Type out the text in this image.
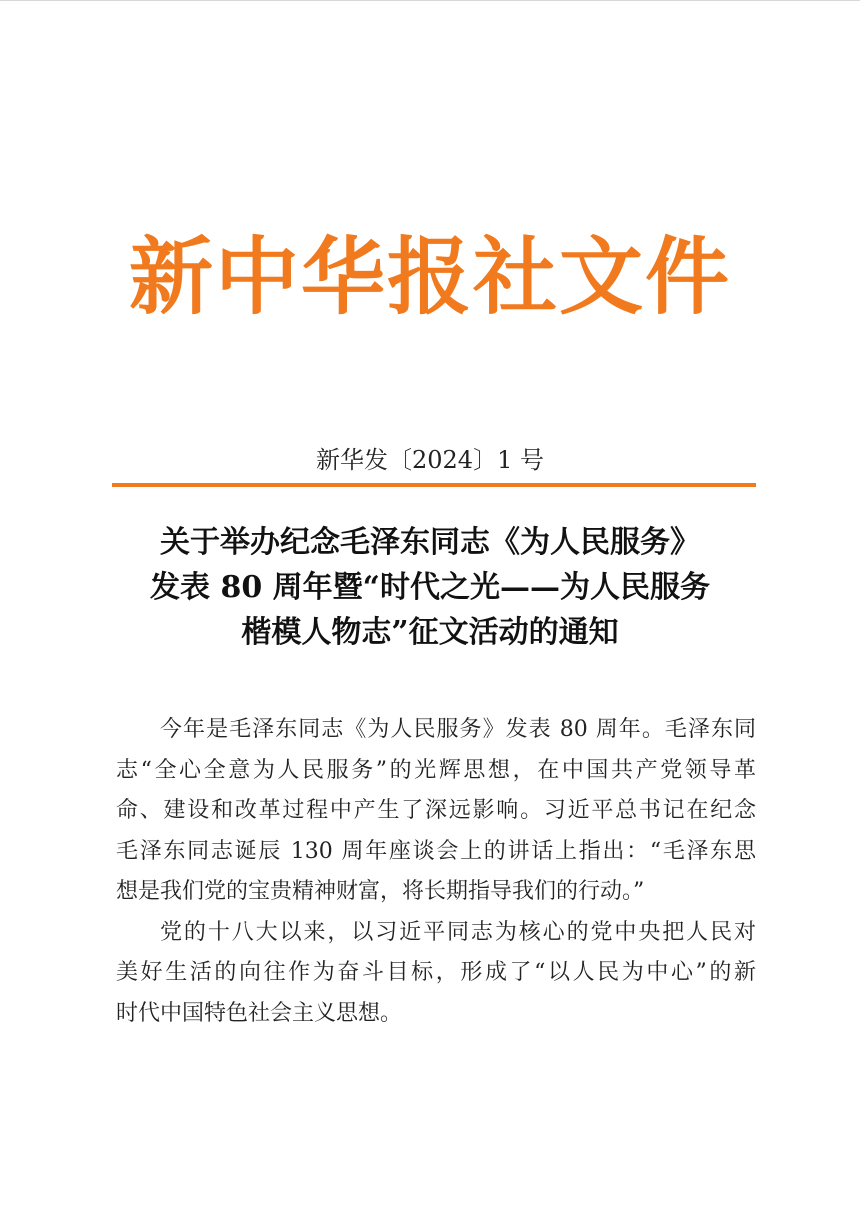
新中华报社文件
新华发〔2024〕1 号
关于举办纪念毛泽东同志《为人民服务》
发表 80 周年暨“时代之光——为人民服务
楷模人物志”征文活动的通知
今年是毛泽东同志《为人民服务》发表 80 周年。毛泽东同
志“全心全意为人民服务”的光辉思想，在中国共产党领导革
命、建设和改革过程中产生了深远影响。习近平总书记在纪念
毛泽东同志诞辰 130 周年座谈会上的讲话上指出：“毛泽东思
想是我们党的宝贵精神财富，将长期指导我们的行动。”
党的十八大以来，以习近平同志为核心的党中央把人民对
美好生活的向往作为奋斗目标，形成了“以人民为中心”的新
时代中国特色社会主义思想。
